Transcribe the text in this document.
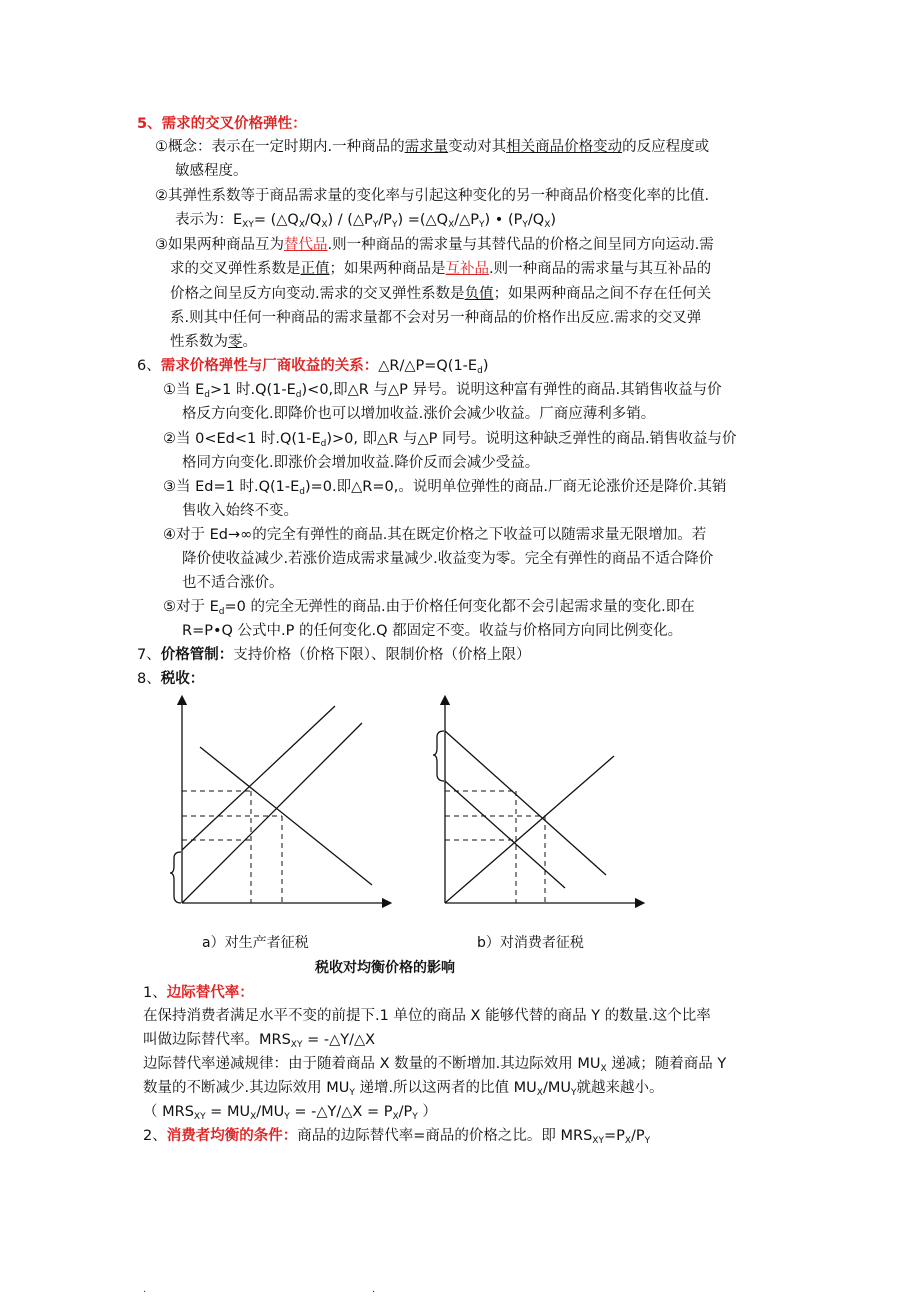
5、需求的交叉价格弹性：
①概念：表示在一定时期内.一种商品的需求量变动对其相关商品价格变动的反应程度或
敏感程度。
②其弹性系数等于商品需求量的变化率与引起这种变化的另一种商品价格变化率的比值.
表示为：$E_{XY}=$ $(\triangle Q_X/Q_X)$ / $(\triangle P_Y/P_Y)$ $=(\triangle Q_X/\triangle P_Y)$ • $(P_Y/Q_X)$
③如果两种商品互为替代品.则一种商品的需求量与其替代品的价格之间呈同方向运动.需
求的交叉弹性系数是正值；如果两种商品是互补品.则一种商品的需求量与其互补品的
价格之间呈反方向变动.需求的交叉弹性系数是负值；如果两种商品之间不存在任何关
系.则其中任何一种商品的需求量都不会对另一种商品的价格作出反应.需求的交叉弹
性系数为零。
6、需求价格弹性与厂商收益的关系：$\triangle R/\triangle P=Q(1-E_d)$
①当 $E_d>1$ 时$.Q(1-E_d)<0$,即△R 与△P 异号。说明这种富有弹性的商品.其销售收益与价
格反方向变化.即降价也可以增加收益.涨价会减少收益。厂商应薄利多销。
②当 0<Ed<1 时$.Q(1-E_d)>0$, 即△R 与△P 同号。说明这种缺乏弹性的商品.销售收益与价
格同方向变化.即涨价会增加收益.降价反而会减少受益。
③当 Ed=1 时$.Q(1-E_d)=0$.即△R=0,。说明单位弹性的商品.厂商无论涨价还是降价.其销
售收入始终不变。
④对于 Ed→∞的完全有弹性的商品.其在既定价格之下收益可以随需求量无限增加。若
降价使收益减少.若涨价造成需求量减少.收益变为零。完全有弹性的商品不适合降价
也不适合涨价。
⑤对于 $E_d=0$ 的完全无弹性的商品.由于价格任何变化都不会引起需求量的变化.即在
R=P•Q 公式中.P 的任何变化.Q 都固定不变。收益与价格同方向同比例变化。
7、价格管制：支持价格（价格下限）、限制价格（价格上限）
8、税收：
a）对生产者征税	b）对消费者征税
税收对均衡价格的影响
1、边际替代率：
在保持消费者满足水平不变的前提下.1 单位的商品 X 能够代替的商品 Y 的数量.这个比率
叫做边际替代率。$MRS_{XY}$ = -△Y/△X
边际替代率递减规律：由于随着商品 X 数量的不断增加.其边际效用 $MU_X$ 递减；随着商品 Y
数量的不断减少.其边际效用 $MU_Y$ 递增.所以这两者的比值 $MU_X/MU_Y$就越来越小。
（ $MRS_{XY} = MU_X/MU_Y$ = -△Y/△X = $P_X/P_Y$ ）
2、消费者均衡的条件：商品的边际替代率=商品的价格之比。即 $MRS_{XY}=P_X/P_Y$
.	.
